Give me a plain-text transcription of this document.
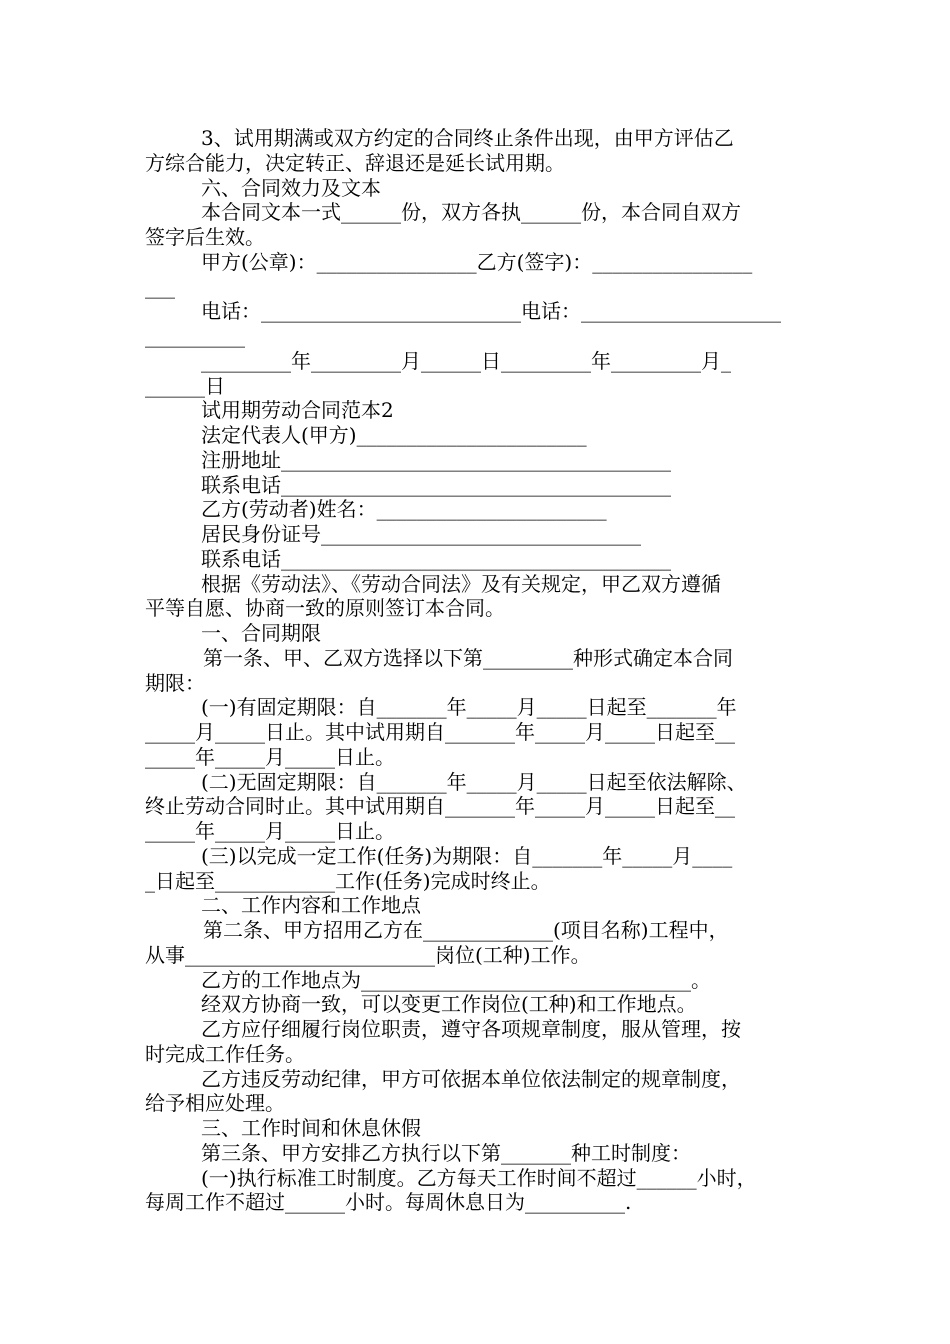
3、试用期满或双方约定的合同终止条件出现，由甲方评估乙
方综合能力，决定转正、辞退还是延长试用期。
六、合同效力及文本
本合同文本一式______份，双方各执______份，本合同自双方
签字后生效。
甲方(公章)：________________乙方(签字)：________________
___
电话：__________________________电话：____________________
__________
_________年_________月______日_________年_________月_
______日
试用期劳动合同范本2
法定代表人(甲方)_______________________
注册地址_______________________________________
联系电话_______________________________________
乙方(劳动者)姓名：_______________________
居民身份证号________________________________
联系电话_______________________________________
根据《劳动法》、《劳动合同法》及有关规定，甲乙双方遵循
平等自愿、协商一致的原则签订本合同。
一、合同期限
第一条、甲、乙双方选择以下第_________种形式确定本合同
期限：
(一)有固定期限：自_______年_____月_____日起至_______年
_____月_____日止。其中试用期自_______年_____月_____日起至__
_____年_____月_____日止。
(二)无固定期限：自_______年_____月_____日起至依法解除、
终止劳动合同时止。其中试用期自_______年_____月_____日起至__
_____年_____月_____日止。
(三)以完成一定工作(任务)为期限：自_______年_____月____
_日起至____________工作(任务)完成时终止。
二、工作内容和工作地点
第二条、甲方招用乙方在_____________(项目名称)工程中，
从事_________________________岗位(工种)工作。
乙方的工作地点为_________________________________。
经双方协商一致，可以变更工作岗位(工种)和工作地点。
乙方应仔细履行岗位职责，遵守各项规章制度，服从管理，按
时完成工作任务。
乙方违反劳动纪律，甲方可依据本单位依法制定的规章制度，
给予相应处理。
三、工作时间和休息休假
第三条、甲方安排乙方执行以下第_______种工时制度：
(一)执行标准工时制度。乙方每天工作时间不超过______小时，
每周工作不超过______小时。每周休息日为__________.
